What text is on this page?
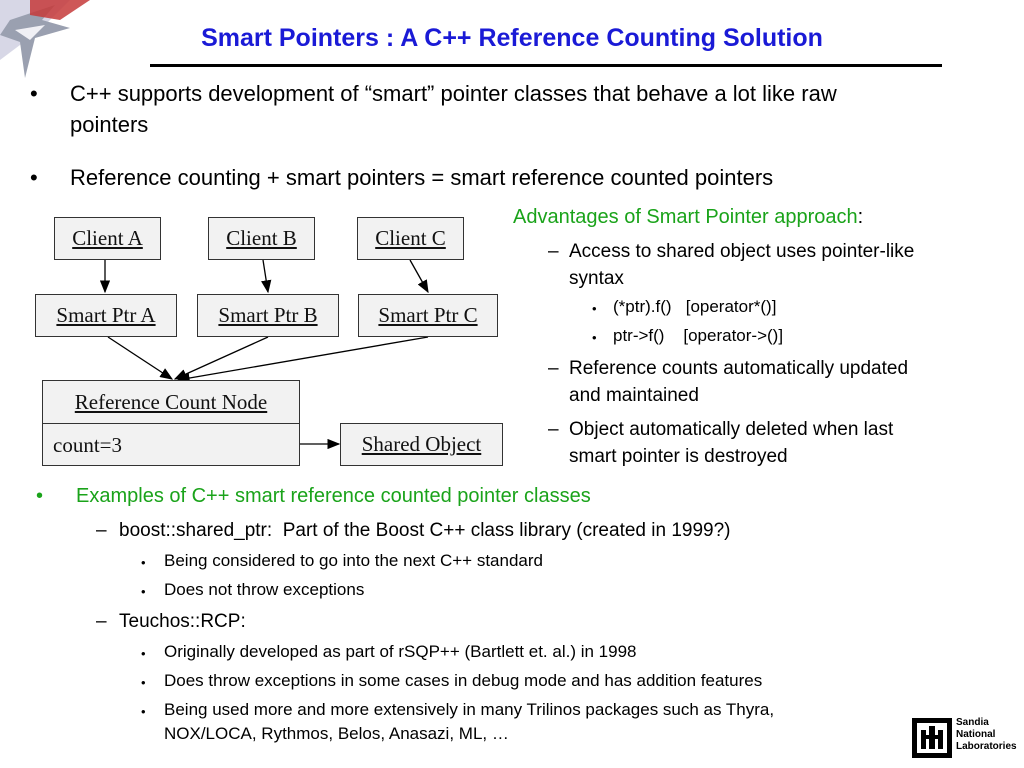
Smart Pointers : A C++ Reference Counting Solution
• C++ supports development of “smart” pointer classes that behave a lot like raw
pointers
• Reference counting + smart pointers = smart reference counted pointers
Client A	Client B	Client C
Smart Ptr A	Smart Ptr B	Smart Ptr C
Reference Count Node
count=3	Shared Object
Advantages of Smart Pointer approach:
– Access to shared object uses pointer-like
syntax
• (*ptr).f()   [operator*()]
• ptr->f()    [operator->()]
– Reference counts automatically updated
and maintained
– Object automatically deleted when last
smart pointer is destroyed
• Examples of C++ smart reference counted pointer classes
– boost::shared_ptr:  Part of the Boost C++ class library (created in 1999?)
• Being considered to go into the next C++ standard
• Does not throw exceptions
– Teuchos::RCP:
• Originally developed as part of rSQP++ (Bartlett et. al.) in 1998
• Does throw exceptions in some cases in debug mode and has addition features
• Being used more and more extensively in many Trilinos packages such as Thyra,
NOX/LOCA, Rythmos, Belos, Anasazi, ML, …
Sandia
National
Laboratories
